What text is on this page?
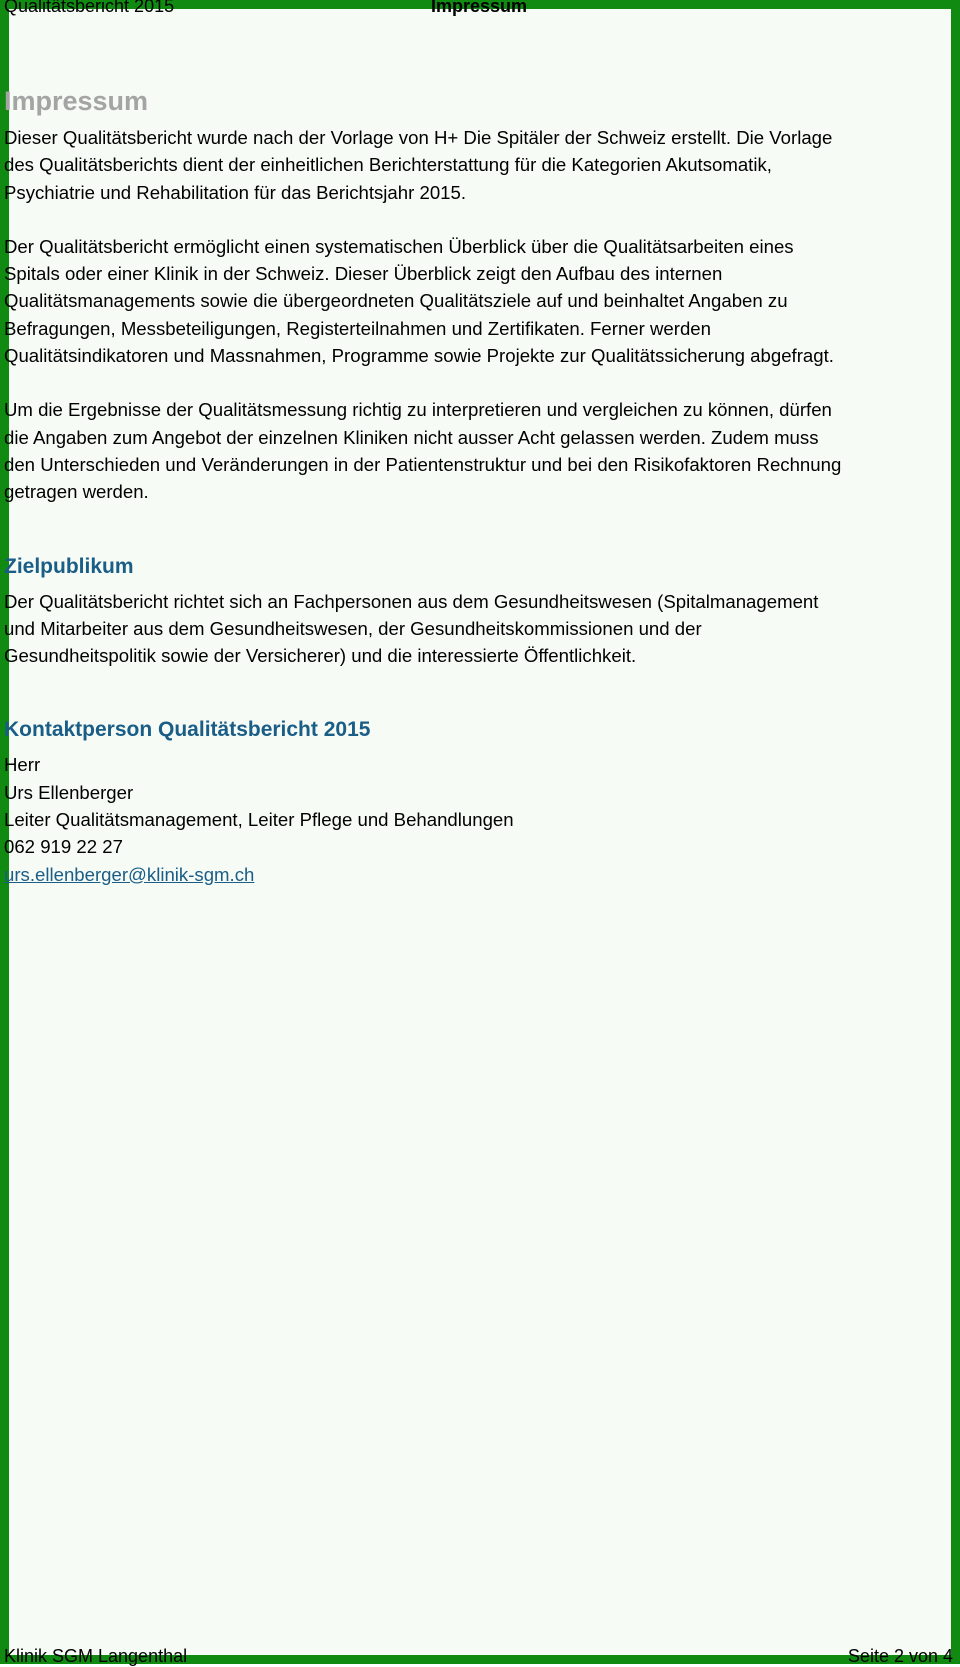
Qualitätsbericht 2015	Impressum
Impressum

Dieser Qualitätsbericht wurde nach der Vorlage von H+ Die Spitäler der Schweiz erstellt. Die Vorlage
des Qualitätsberichts dient der einheitlichen Berichterstattung für die Kategorien Akutsomatik,
Psychiatrie und Rehabilitation für das Berichtsjahr 2015.

Der Qualitätsbericht ermöglicht einen systematischen Überblick über die Qualitätsarbeiten eines
Spitals oder einer Klinik in der Schweiz. Dieser Überblick zeigt den Aufbau des internen
Qualitätsmanagements sowie die übergeordneten Qualitätsziele auf und beinhaltet Angaben zu
Befragungen, Messbeteiligungen, Registerteilnahmen und Zertifikaten. Ferner werden
Qualitätsindikatoren und Massnahmen, Programme sowie Projekte zur Qualitätssicherung abgefragt.

Um die Ergebnisse der Qualitätsmessung richtig zu interpretieren und vergleichen zu können, dürfen
die Angaben zum Angebot der einzelnen Kliniken nicht ausser Acht gelassen werden. Zudem muss
den Unterschieden und Veränderungen in der Patientenstruktur und bei den Risikofaktoren Rechnung
getragen werden.

Zielpublikum

Der Qualitätsbericht richtet sich an Fachpersonen aus dem Gesundheitswesen (Spitalmanagement
und Mitarbeiter aus dem Gesundheitswesen, der Gesundheitskommissionen und der
Gesundheitspolitik sowie der Versicherer) und die interessierte Öffentlichkeit.

Kontaktperson Qualitätsbericht 2015
Herr
Urs Ellenberger
Leiter Qualitätsmanagement, Leiter Pflege und Behandlungen
062 919 22 27
urs.ellenberger@klinik-sgm.ch
Klinik SGM Langenthal	Seite 2 von 4
